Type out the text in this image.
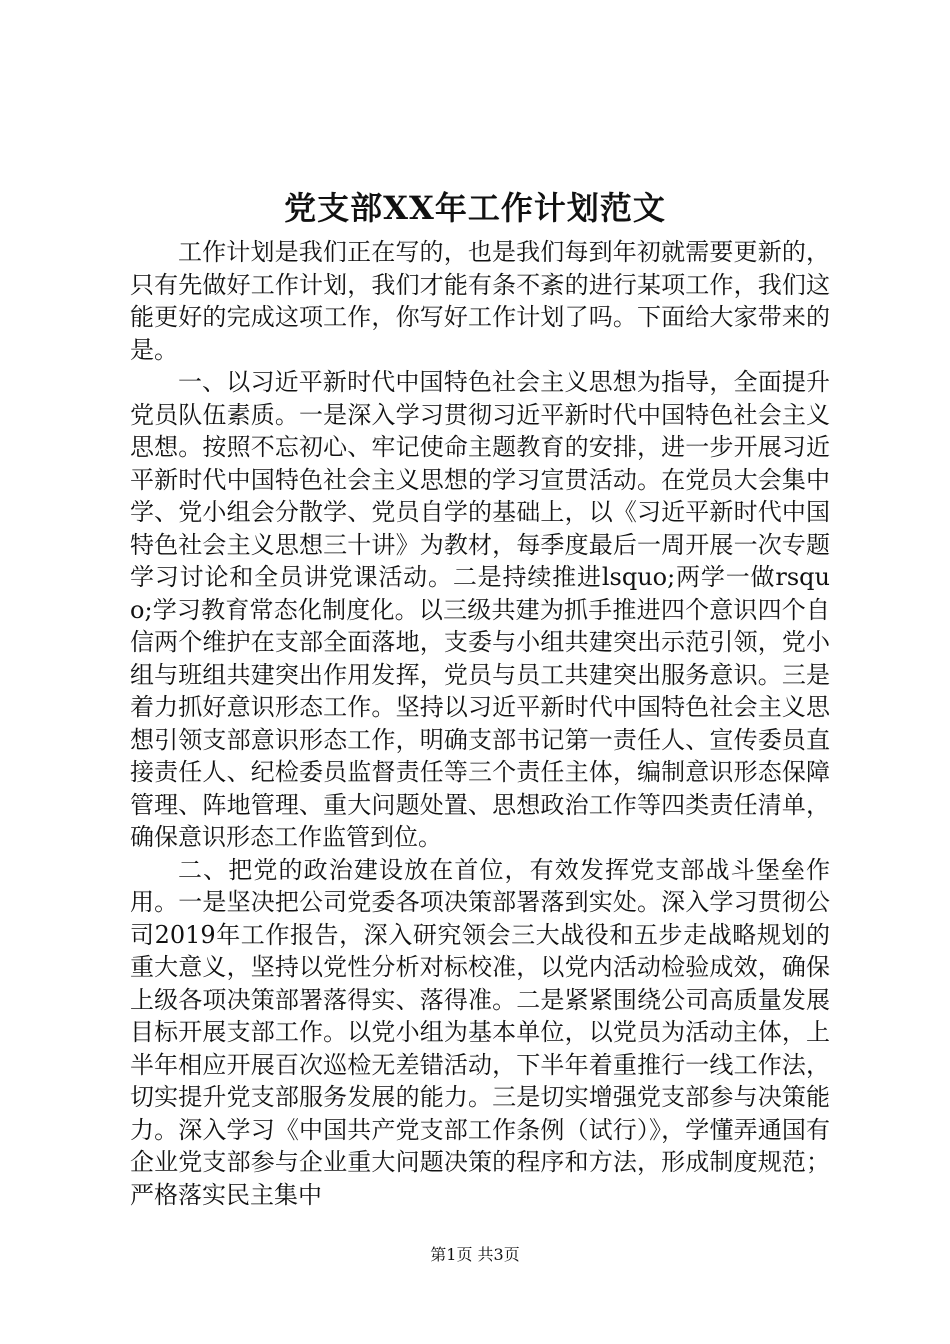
党支部XX年工作计划范文

工作计划是我们正在写的，也是我们每到年初就需要更新的，只有先做好工作计划，我们才能有条不紊的进行某项工作，我们这能更好的完成这项工作，你写好工作计划了吗。下面给大家带来的是。

一、以习近平新时代中国特色社会主义思想为指导，全面提升党员队伍素质。一是深入学习贯彻习近平新时代中国特色社会主义思想。按照不忘初心、牢记使命主题教育的安排，进一步开展习近平新时代中国特色社会主义思想的学习宣贯活动。在党员大会集中学、党小组会分散学、党员自学的基础上，以《习近平新时代中国特色社会主义思想三十讲》为教材，每季度最后一周开展一次专题学习讨论和全员讲党课活动。二是持续推进lsquo;两学一做rsquo;学习教育常态化制度化。以三级共建为抓手推进四个意识四个自信两个维护在支部全面落地，支委与小组共建突出示范引领，党小组与班组共建突出作用发挥，党员与员工共建突出服务意识。三是着力抓好意识形态工作。坚持以习近平新时代中国特色社会主义思想引领支部意识形态工作，明确支部书记第一责任人、宣传委员直接责任人、纪检委员监督责任等三个责任主体，编制意识形态保障管理、阵地管理、重大问题处置、思想政治工作等四类责任清单，确保意识形态工作监管到位。

二、把党的政治建设放在首位，有效发挥党支部战斗堡垒作用。一是坚决把公司党委各项决策部署落到实处。深入学习贯彻公司2019年工作报告，深入研究领会三大战役和五步走战略规划的重大意义，坚持以党性分析对标校准，以党内活动检验成效，确保上级各项决策部署落得实、落得准。二是紧紧围绕公司高质量发展目标开展支部工作。以党小组为基本单位，以党员为活动主体，上半年相应开展百次巡检无差错活动，下半年着重推行一线工作法，切实提升党支部服务发展的能力。三是切实增强党支部参与决策能力。深入学习《中国共产党支部工作条例（试行）》，学懂弄通国有企业党支部参与企业重大问题决策的程序和方法，形成制度规范；严格落实民主集中

第1页 共3页
